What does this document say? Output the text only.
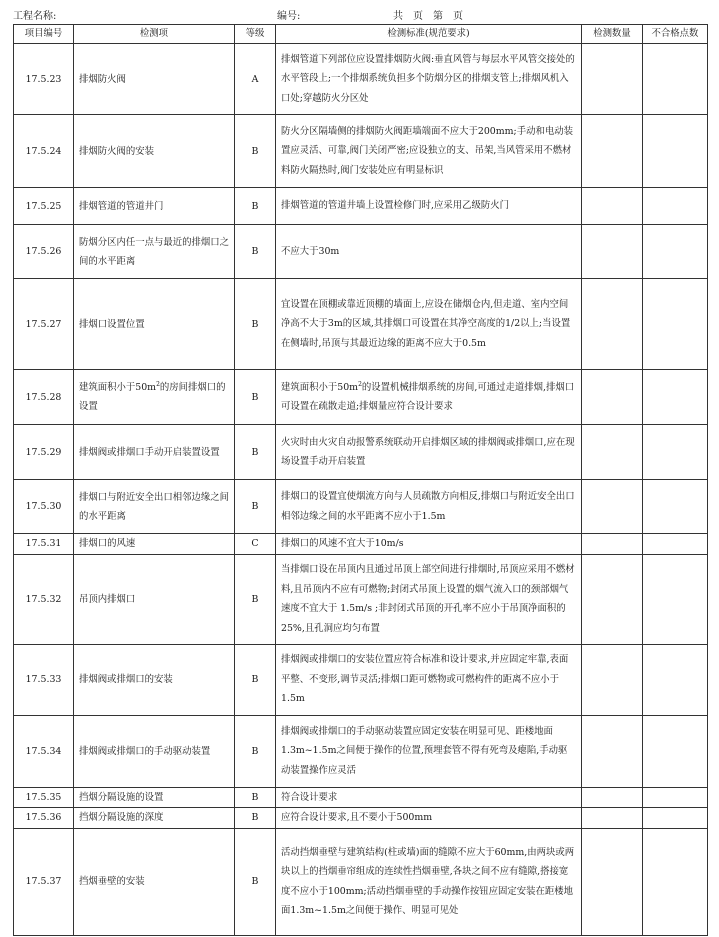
工程名称:	编号:	共　页　第　页
项目编号	检测项	等级	检测标准(规范要求)	检测数量	不合格点数
17.5.23	排烟防火阀	A	排烟管道下列部位应设置排烟防火阀:垂直风管与每层水平风管交接处的水平管段上;一个排烟系统负担多个防烟分区的排烟支管上;排烟风机入口处;穿越防火分区处		
17.5.24	排烟防火阀的安装	B	防火分区隔墙侧的排烟防火阀距墙端面不应大于200mm;手动和电动装置应灵活、可靠,阀门关闭严密;应设独立的支、吊架,当风管采用不燃材料防火隔热时,阀门安装处应有明显标识		
17.5.25	排烟管道的管道井门	B	排烟管道的管道井墙上设置检修门时,应采用乙级防火门		
17.5.26	防烟分区内任一点与最近的排烟口之间的水平距离	B	不应大于30m		
17.5.27	排烟口设置位置	B	宜设置在顶棚或靠近顶棚的墙面上,应设在储烟仓内,但走道、室内空间净高不大于3m的区域,其排烟口可设置在其净空高度的1/2以上;当设置在侧墙时,吊顶与其最近边缘的距离不应大于0.5m		
17.5.28	建筑面积小于$50m^2$的房间排烟口的设置	B	建筑面积小于$50m^2$的设置机械排烟系统的房间,可通过走道排烟,排烟口可设置在疏散走道;排烟量应符合设计要求		
17.5.29	排烟阀或排烟口手动开启装置设置	B	火灾时由火灾自动报警系统联动开启排烟区域的排烟阀或排烟口,应在现场设置手动开启装置		
17.5.30	排烟口与附近安全出口相邻边缘之间的水平距离	B	排烟口的设置宜使烟流方向与人员疏散方向相反,排烟口与附近安全出口相邻边缘之间的水平距离不应小于1.5m		
17.5.31	排烟口的风速	C	排烟口的风速不宜大于10m/s		
17.5.32	吊顶内排烟口	B	当排烟口设在吊顶内且通过吊顶上部空间进行排烟时,吊顶应采用不燃材料,且吊顶内不应有可燃物;封闭式吊顶上设置的烟气流入口的颈部烟气速度不宜大于 1.5m/s ;非封闭式吊顶的开孔率不应小于吊顶净面积的25%,且孔洞应均匀布置		
17.5.33	排烟阀或排烟口的安装	B	排烟阀或排烟口的安装位置应符合标准和设计要求,并应固定牢靠,表面平整、不变形,调节灵活;排烟口距可燃物或可燃构件的距离不应小于1.5m		
17.5.34	排烟阀或排烟口的手动驱动装置	B	排烟阀或排烟口的手动驱动装置应固定安装在明显可见、距楼地面1.3m~1.5m之间便于操作的位置,预埋套管不得有死弯及瘪陷,手动驱动装置操作应灵活		
17.5.35	挡烟分隔设施的设置	B	符合设计要求		
17.5.36	挡烟分隔设施的深度	B	应符合设计要求,且不要小于500mm		
17.5.37	挡烟垂壁的安装	B	活动挡烟垂壁与建筑结构(柱或墙)面的缝隙不应大于60mm,由两块或两块以上的挡烟垂帘组成的连续性挡烟垂壁,各块之间不应有缝隙,搭接宽度不应小于100mm;活动挡烟垂壁的手动操作按钮应固定安装在距楼地面1.3m~1.5m之间便于操作、明显可见处		
